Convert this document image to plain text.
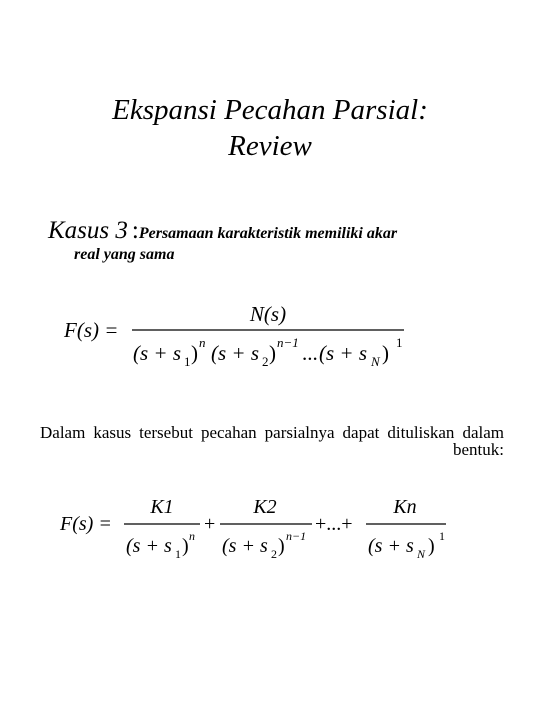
Ekspansi Pecahan Parsial:
Review
Kasus 3 :Persamaan karakteristik memiliki akar
real yang sama
F(s) =
N(s)
(s + s 1 ) n (s + s 2 ) n−1 ... (s + s N ) 1
Dalam kasus tersebut pecahan parsialnya dapat dituliskan dalam bentuk:
F(s) =
K1
(s + s 1 ) n
+
K2
(s + s 2 ) n−1
+...+
Kn
(s + s N ) 1
